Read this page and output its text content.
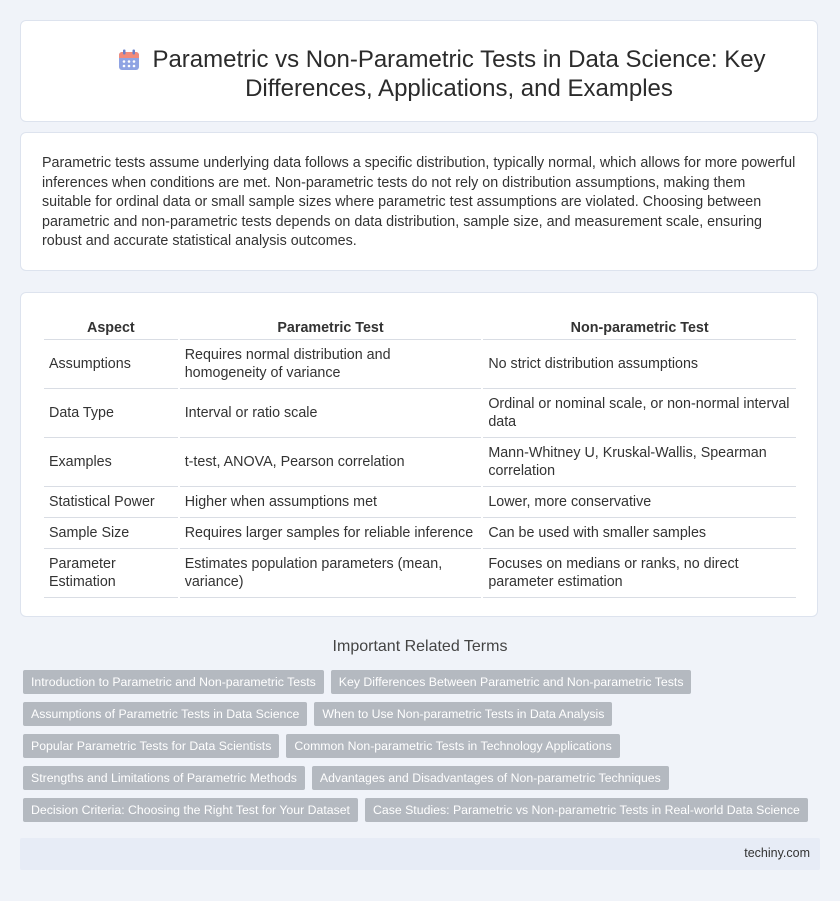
Parametric vs Non-Parametric Tests in Data Science: Key Differences, Applications, and Examples

Parametric tests assume underlying data follows a specific distribution, typically normal, which allows for more powerful inferences when conditions are met. Non-parametric tests do not rely on distribution assumptions, making them suitable for ordinal data or small sample sizes where parametric test assumptions are violated. Choosing between parametric and non-parametric tests depends on data distribution, sample size, and measurement scale, ensuring robust and accurate statistical analysis outcomes.

Aspect	Parametric Test	Non-parametric Test
Assumptions	Requires normal distribution and homogeneity of variance	No strict distribution assumptions
Data Type	Interval or ratio scale	Ordinal or nominal scale, or non-normal interval data
Examples	t-test, ANOVA, Pearson correlation	Mann-Whitney U, Kruskal-Wallis, Spearman correlation
Statistical Power	Higher when assumptions met	Lower, more conservative
Sample Size	Requires larger samples for reliable inference	Can be used with smaller samples
Parameter Estimation	Estimates population parameters (mean, variance)	Focuses on medians or ranks, no direct parameter estimation
Important Related Terms
Introduction to Parametric and Non-parametric Tests Key Differences Between Parametric and Non-parametric Tests
Assumptions of Parametric Tests in Data Science When to Use Non-parametric Tests in Data Analysis
Popular Parametric Tests for Data Scientists Common Non-parametric Tests in Technology Applications
Strengths and Limitations of Parametric Methods Advantages and Disadvantages of Non-parametric Techniques
Decision Criteria: Choosing the Right Test for Your Dataset Case Studies: Parametric vs Non-parametric Tests in Real-world Data Science
techiny.com
